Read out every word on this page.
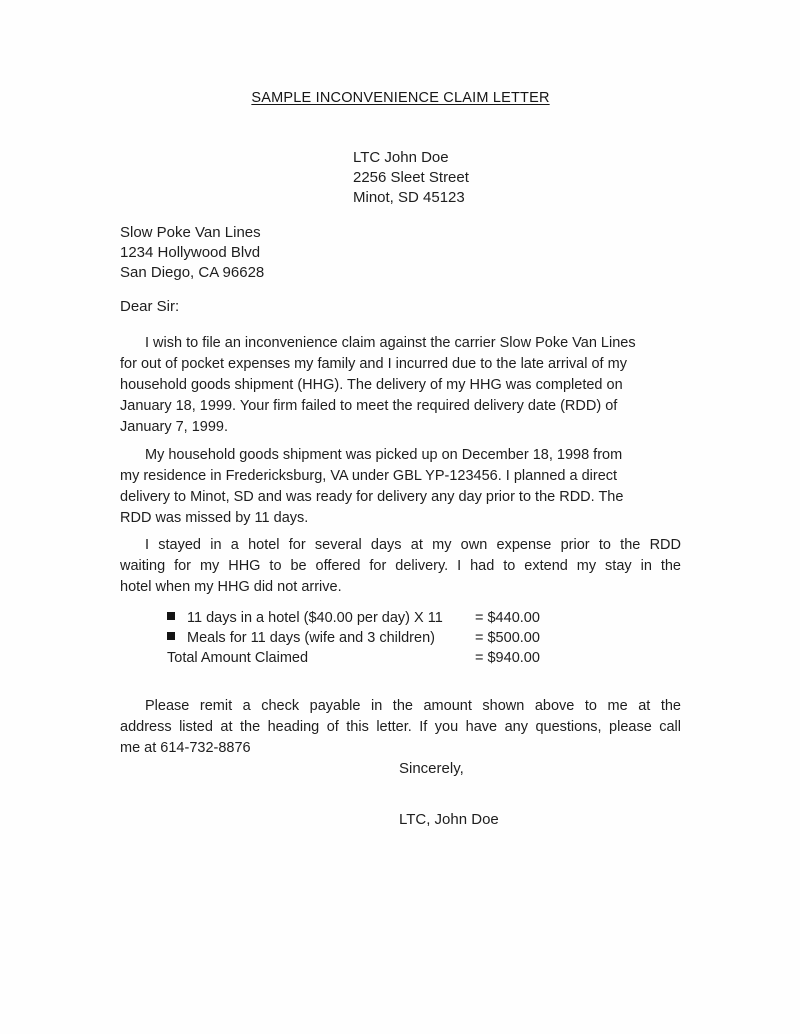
SAMPLE INCONVENIENCE CLAIM LETTER
LTC John Doe
2256 Sleet Street
Minot, SD 45123
Slow Poke Van Lines
1234 Hollywood Blvd
San Diego, CA 96628
Dear Sir:
I wish to file an inconvenience claim against the carrier Slow Poke Van Lines
for out of pocket expenses my family and I incurred due to the late arrival of my
household goods shipment (HHG). The delivery of my HHG was completed on
January 18, 1999. Your firm failed to meet the required delivery date (RDD) of
January 7, 1999.
My household goods shipment was picked up on December 18, 1998 from
my residence in Fredericksburg, VA under GBL YP-123456. I planned a direct
delivery to Minot, SD and was ready for delivery any day prior to the RDD. The
RDD was missed by 11 days.
I stayed in a hotel for several days at my own expense prior to the RDD
waiting for my HHG to be offered for delivery. I had to extend my stay in the
hotel when my HHG did not arrive.
11 days in a hotel ($40.00 per day) X 11 = $440.00
Meals for 11 days (wife and 3 children)	= $500.00
Total Amount Claimed	= $940.00
Please remit a check payable in the amount shown above to me at the
address listed at the heading of this letter. If you have any questions, please call
me at 614-732-8876
Sincerely,
LTC, John Doe
